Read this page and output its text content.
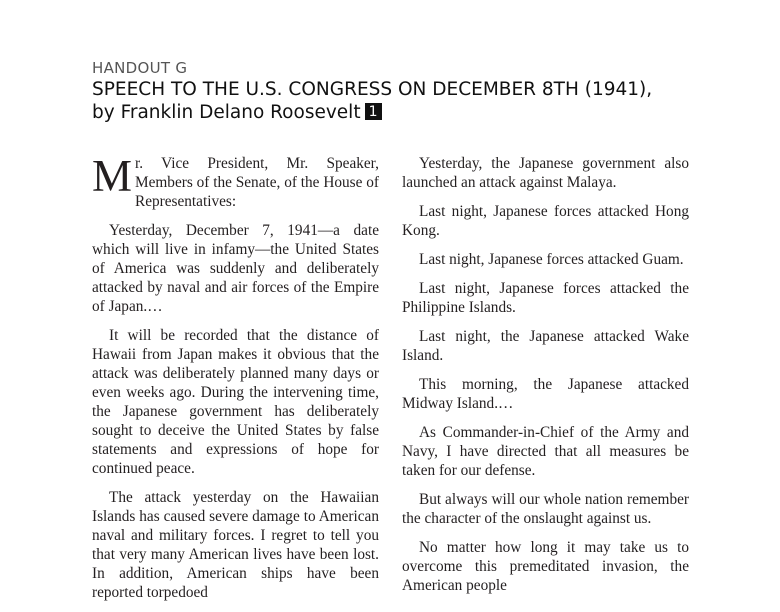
HANDOUT G
SPEECH TO THE U.S. CONGRESS ON DECEMBER 8TH (1941),
by Franklin Delano Roosevelt 1

Mr. Vice President, Mr. Speaker, Members of the Senate, of the House of Representatives:

Yesterday, December 7, 1941—a date which will live in infamy—the United States of America was suddenly and deliberately attacked by naval and air forces of the Empire of Japan.…

It will be recorded that the distance of Hawaii from Japan makes it obvious that the attack was deliberately planned many days or even weeks ago. During the intervening time, the Japanese government has deliberately sought to deceive the United States by false statements and expressions of hope for continued peace.

The attack yesterday on the Hawaiian Islands has caused severe damage to American naval and military forces. I regret to tell you that very many American lives have been lost. In addition, American ships have been reported torpedoed

Yesterday, the Japanese government also launched an attack against Malaya.

Last night, Japanese forces attacked Hong Kong.

Last night, Japanese forces attacked Guam.

Last night, Japanese forces attacked the Philippine Islands.

Last night, the Japanese attacked Wake Island.

This morning, the Japanese attacked Midway Island.…

As Commander-in-Chief of the Army and Navy, I have directed that all measures be taken for our defense.

But always will our whole nation remember the character of the onslaught against us.

No matter how long it may take us to overcome this premeditated invasion, the American people
